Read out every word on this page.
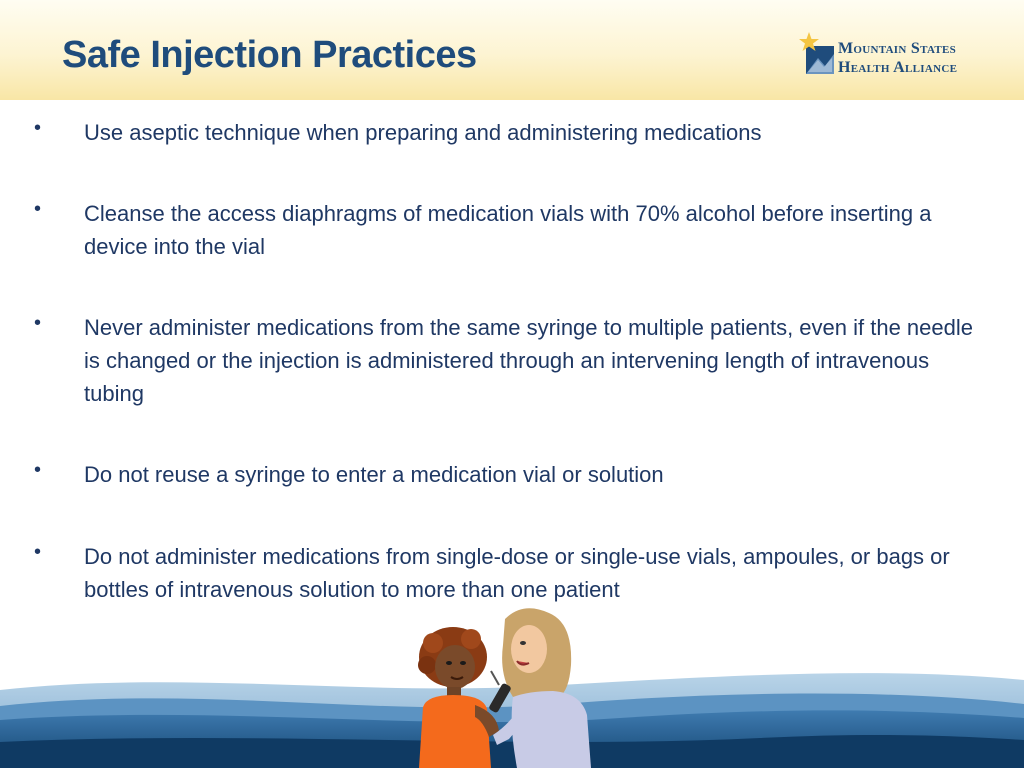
Safe Injection Practices	Mountain States
Health Alliance
• Use aseptic technique when preparing and administering medications
• Cleanse the access diaphragms of medication vials with 70% alcohol before inserting a device into the vial
• Never administer medications from the same syringe to multiple patients, even if the needle is changed or the injection is administered through an intervening length of intravenous tubing
• Do not reuse a syringe to enter a medication vial or solution
• Do not administer medications from single-dose or single-use vials, ampoules, or bags or bottles of intravenous solution to more than one patient
